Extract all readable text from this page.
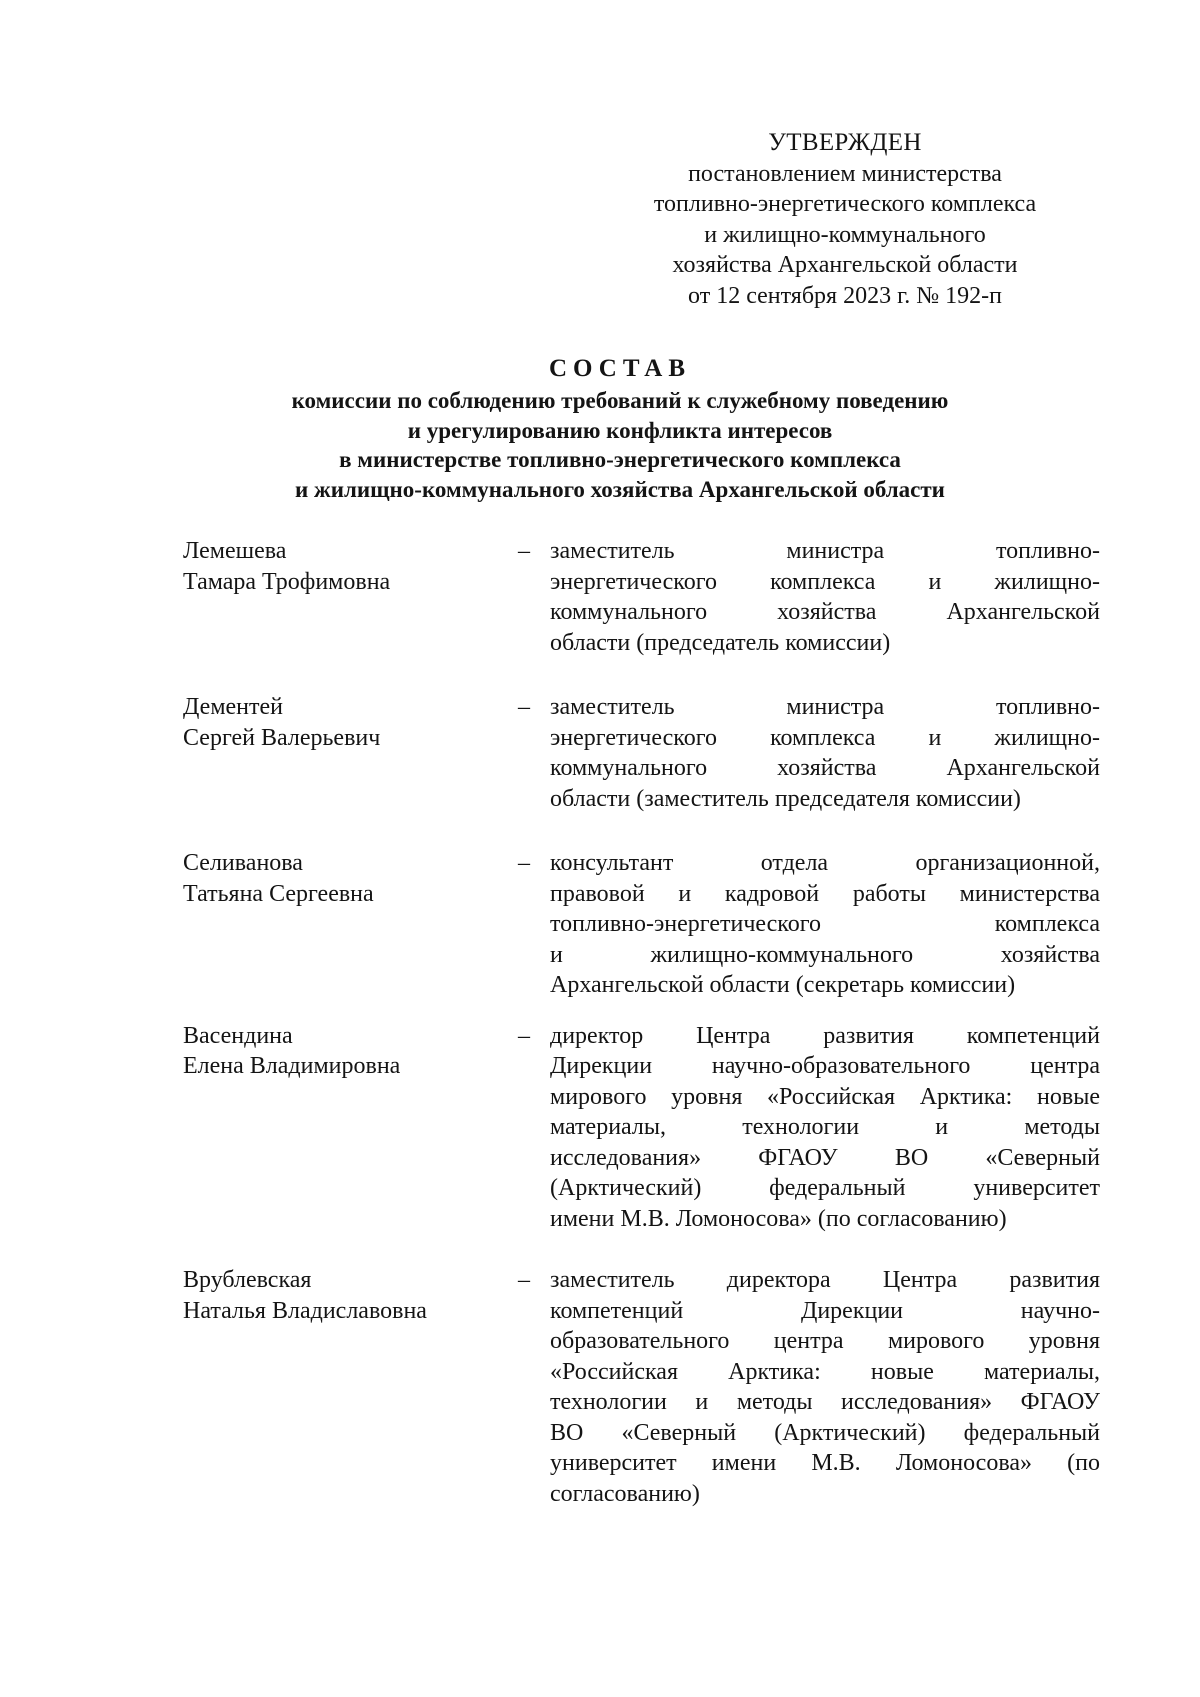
УТВЕРЖДЕН
постановлением министерства
топливно-энергетического комплекса
и жилищно-коммунального
хозяйства Архангельской области
от 12 сентября 2023 г. № 192-п
СОСТАВ
комиссии по соблюдению требований к служебному поведению
и урегулированию конфликта интересов
в министерстве топливно-энергетического комплекса
и жилищно-коммунального хозяйства Архангельской области
Лемешева
Тамара Трофимовна
– заместитель министра топливно-
энергетического комплекса и жилищно-
коммунального хозяйства Архангельской
области (председатель комиссии)
Дементей
Сергей Валерьевич
– заместитель министра топливно-
энергетического комплекса и жилищно-
коммунального хозяйства Архангельской
области (заместитель председателя комиссии)
Селиванова
Татьяна Сергеевна
– консультант отдела организационной,
правовой и кадровой работы министерства
топливно-энергетического комплекса
и жилищно-коммунального хозяйства
Архангельской области (секретарь комиссии)
Васендина
Елена Владимировна
– директор Центра развития компетенций
Дирекции научно-образовательного центра
мирового уровня «Российская Арктика: новые
материалы, технологии и методы
исследования» ФГАОУ ВО «Северный
(Арктический) федеральный университет
имени М.В. Ломоносова» (по согласованию)
Врублевская
Наталья Владиславовна
– заместитель директора Центра развития
компетенций Дирекции научно-
образовательного центра мирового уровня
«Российская Арктика: новые материалы,
технологии и методы исследования» ФГАОУ
ВО «Северный (Арктический) федеральный
университет имени М.В. Ломоносова» (по
согласованию)
